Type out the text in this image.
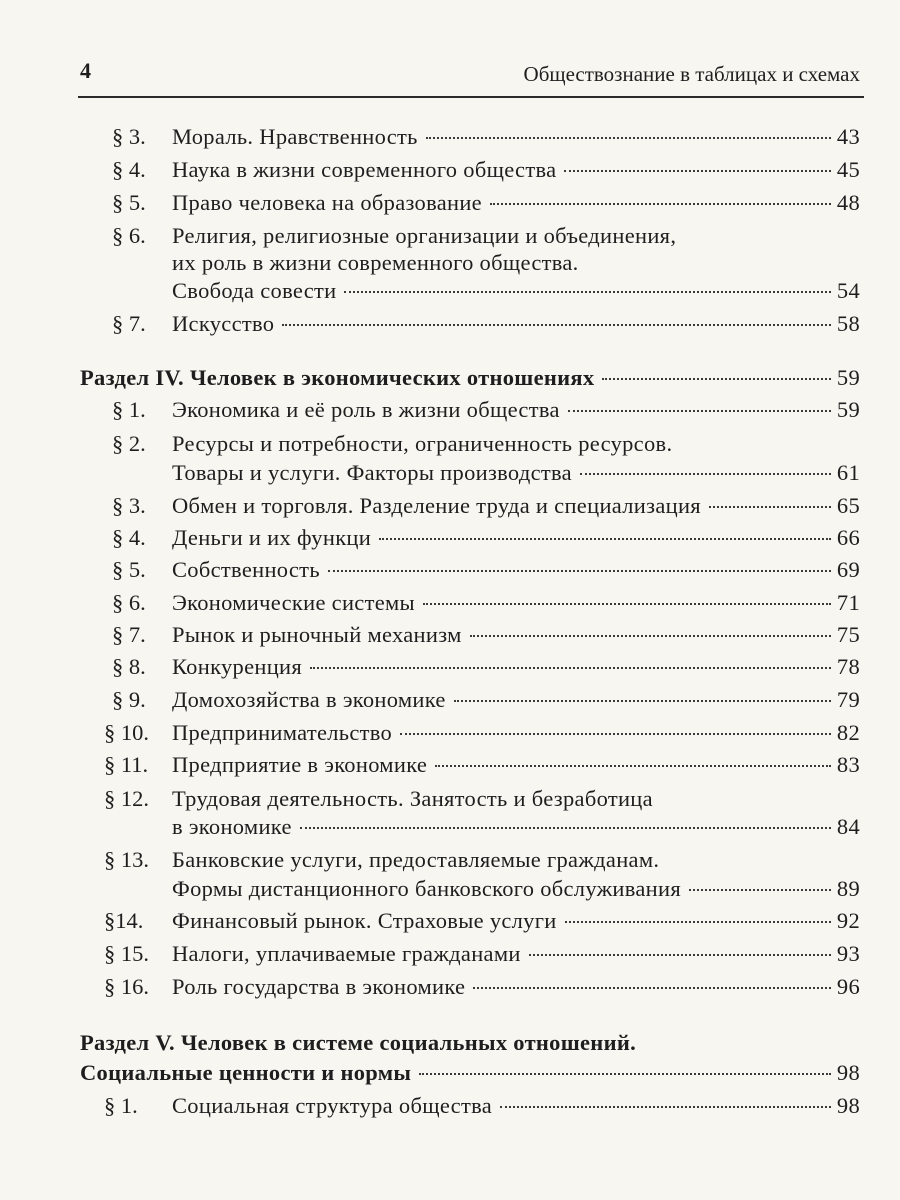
4	Обществознание в таблицах и схемах
§ 3. Мораль. Нравственность	43
§ 4. Наука в жизни современного общества	45
§ 5. Право человека на образование	48
§ 6. Религия, религиозные организации и объединения,
их роль в жизни современного общества.
Свобода совести	54
§ 7. Искусство	58
Раздел IV. Человек в экономических отношениях	59
§ 1. Экономика и её роль в жизни общества	59
§ 2. Ресурсы и потребности, ограниченность ресурсов.
Товары и услуги. Факторы производства	61
§ 3. Обмен и торговля. Разделение труда и специализация	65
§ 4. Деньги и их функци	66
§ 5. Собственность	69
§ 6. Экономические системы	71
§ 7. Рынок и рыночный механизм	75
§ 8. Конкуренция	78
§ 9. Домохозяйства в экономике	79
§ 10. Предпринимательство	82
§ 11. Предприятие в экономике	83
§ 12. Трудовая деятельность. Занятость и безработица
в экономике	84
§ 13. Банковские услуги, предоставляемые гражданам.
Формы дистанционного банковского обслуживания	89
§14. Финансовый рынок. Страховые услуги	92
§ 15. Налоги, уплачиваемые гражданами	93
§ 16. Роль государства в экономике	96
Раздел V. Человек в системе социальных отношений.
Социальные ценности и нормы	98
§ 1. Социальная структура общества	98
